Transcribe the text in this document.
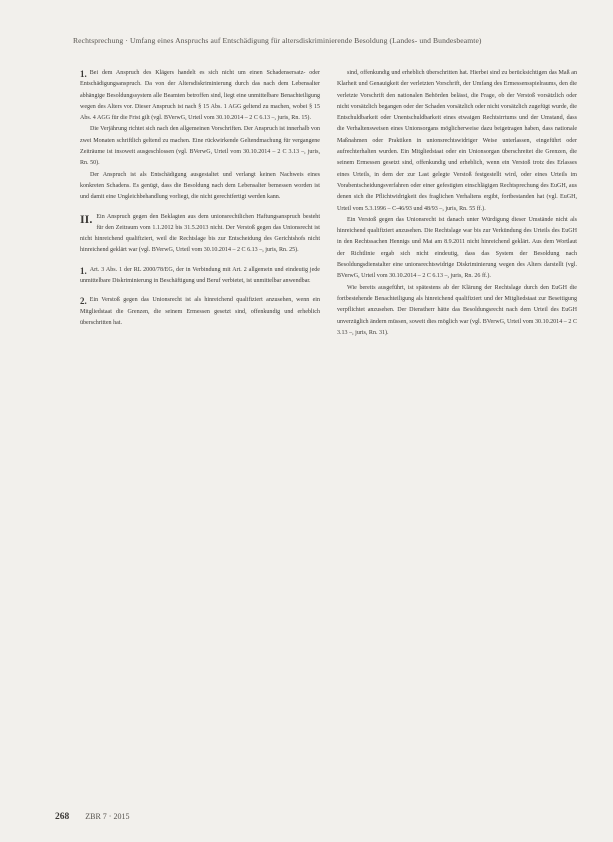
Rechtsprechung · Umfang eines Anspruchs auf Entschädigung für altersdiskriminierende Besoldung (Landes- und Bundesbeamte)

1. Bei dem Anspruch des Klägers handelt es sich nicht um einen Schadensersatz- oder Entschädigungsanspruch. Da von der Altersdiskriminierung durch das nach dem Lebensalter abhängige Besoldungssystem alle Beamten betroffen sind, liegt eine unmittelbare Benachteiligung wegen des Alters vor. Dieser Anspruch ist nach § 15 Abs. 1 AGG geltend zu machen, wobei § 15 Abs. 4 AGG für die Frist gilt (vgl. BVerwG, Urteil vom 30.10.2014 – 2 C 6.13 –, juris, Rn. 15).

Die Verjährung richtet sich nach den allgemeinen Vorschriften. Der Anspruch ist innerhalb von zwei Monaten schriftlich geltend zu machen. Eine rückwirkende Geltendmachung für vergangene Zeiträume ist insoweit ausgeschlossen (vgl. BVerwG, Urteil vom 30.10.2014 – 2 C 3.13 –, juris, Rn. 50).

Der Anspruch ist als Entschädigung ausgestaltet und verlangt keinen Nachweis eines konkreten Schadens. Es genügt, dass die Besoldung nach dem Lebensalter bemessen worden ist und damit eine Ungleichbehandlung vorliegt, die nicht gerechtfertigt werden kann.

II. Ein Anspruch gegen den Beklagten aus dem unionsrechtlichen Haftungsanspruch besteht für den Zeitraum vom 1.1.2012 bis 31.5.2013 nicht. Der Verstoß gegen das Unionsrecht ist nicht hinreichend qualifiziert, weil die Rechtslage bis zur Entscheidung des Gerichtshofs nicht hinreichend geklärt war (vgl. BVerwG, Urteil vom 30.10.2014 – 2 C 6.13 –, juris, Rn. 25).

1. Art. 3 Abs. 1 der RL 2000/78/EG, der in Verbindung mit Art. 2 allgemein und eindeutig jede unmittelbare Diskriminierung in Beschäftigung und Beruf verbietet, ist unmittelbar anwendbar.

2. Ein Verstoß gegen das Unionsrecht ist als hinreichend qualifiziert anzusehen, wenn ein Mitgliedstaat die Grenzen, die seinem Ermessen gesetzt sind, offenkundig und erheblich überschritten hat.

sind, offenkundig und erheblich überschritten hat. Hierbei sind zu berücksichtigen das Maß an Klarheit und Genauigkeit der verletzten Vorschrift, der Umfang des Ermessensspielraums, den die verletzte Vorschrift den nationalen Behörden belässt, die Frage, ob der Verstoß vorsätzlich oder nicht vorsätzlich begangen oder der Schaden vorsätzlich oder nicht vorsätzlich zugefügt wurde, die Entschuldbarkeit oder Unentschuldbarkeit eines etwaigen Rechtsirrtums und der Umstand, dass die Verhaltensweisen eines Unionsorgans möglicherweise dazu beigetragen haben, dass nationale Maßnahmen oder Praktiken in unionsrechtswidriger Weise unterlassen, eingeführt oder aufrechterhalten wurden. Ein Mitgliedstaat oder ein Unionsorgan überschreitet die Grenzen, die seinem Ermessen gesetzt sind, offenkundig und erheblich, wenn ein Verstoß trotz des Erlasses eines Urteils, in dem der zur Last gelegte Verstoß festgestellt wird, oder eines Urteils im Vorabentscheidungsverfahren oder einer gefestigten einschlägigen Rechtsprechung des EuGH, aus denen sich die Pflichtwidrigkeit des fraglichen Verhaltens ergibt, fortbestanden hat (vgl. EuGH, Urteil vom 5.3.1996 – C-46/93 und 48/93 –, juris, Rn. 55 ff.).

Ein Verstoß gegen das Unionsrecht ist danach unter Würdigung dieser Umstände nicht als hinreichend qualifiziert anzusehen. Die Rechtslage war bis zur Verkündung des Urteils des EuGH in den Rechtssachen Hennigs und Mai am 8.9.2011 nicht hinreichend geklärt. Aus dem Wortlaut der Richtlinie ergab sich nicht eindeutig, dass das System der Besoldung nach Besoldungsdienstalter eine unionsrechtswidrige Diskriminierung wegen des Alters darstellt (vgl. BVerwG, Urteil vom 30.10.2014 – 2 C 6.13 –, juris, Rn. 26 ff.).

Wie bereits ausgeführt, ist spätestens ab der Klärung der Rechtslage durch den EuGH die fortbestehende Benachteiligung als hinreichend qualifiziert und der Mitgliedstaat zur Beseitigung verpflichtet anzusehen. Der Dienstherr hätte das Besoldungsrecht nach dem Urteil des EuGH unverzüglich ändern müssen, soweit dies möglich war (vgl. BVerwG, Urteil vom 30.10.2014 – 2 C 3.13 –, juris, Rn. 31).

268 ZBR 7 · 2015
